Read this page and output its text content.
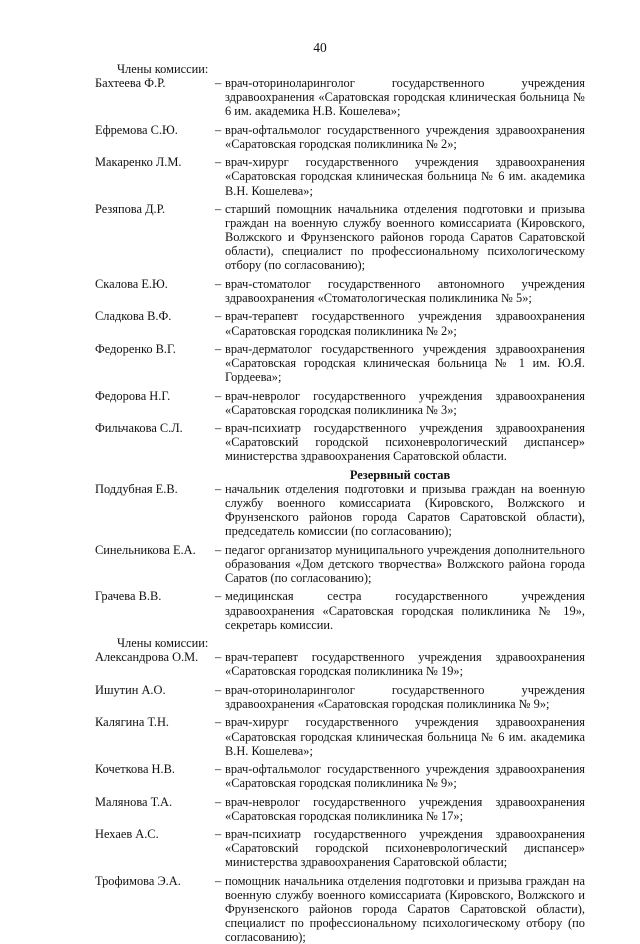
40
Члены комиссии:
Бахтеева Ф.Р.	– врач-оториноларинголог государственного учреждения здравоохранения «Саратовская городская клиническая больница № 6 им. академика Н.В. Кошелева»;
Ефремова С.Ю.	– врач-офтальмолог государственного учреждения здравоохранения «Саратовская городская поликлиника № 2»;
Макаренко Л.М.	– врач-хирург государственного учреждения здравоохранения «Саратовская городская клиническая больница № 6 им. академика В.Н. Кошелева»;
Резяпова Д.Р.	– старший помощник начальника отделения подготовки и призыва граждан на военную службу военного комиссариата (Кировского, Волжского и Фрунзенского районов города Саратов Саратовской области), специалист по профессиональному психологическому отбору (по согласованию);
Скалова Е.Ю.	– врач-стоматолог государственного автономного учреждения здравоохранения «Стоматологическая поликлиника № 5»;
Сладкова В.Ф.	– врач-терапевт государственного учреждения здравоохранения «Саратовская городская поликлиника № 2»;
Федоренко В.Г.	– врач-дерматолог государственного учреждения здравоохранения «Саратовская городская клиническая больница № 1 им. Ю.Я. Гордеева»;
Федорова Н.Г.	– врач-невролог государственного учреждения здравоохранения «Саратовская городская поликлиника № 3»;
Фильчакова С.Л.	– врач-психиатр государственного учреждения здравоохранения «Саратовский городской психоневрологический диспансер» министерства здравоохранения Саратовской области.
Резервный состав
Поддубная Е.В.	– начальник отделения подготовки и призыва граждан на военную службу военного комиссариата (Кировского, Волжского и Фрунзенского районов города Саратов Саратовской области), председатель комиссии (по согласованию);
Синельникова Е.А.	– педагог организатор муниципального учреждения дополнительного образования «Дом детского творчества» Волжского района города Саратов (по согласованию);
Грачева В.В.	– медицинская сестра государственного учреждения здравоохранения «Саратовская городская поликлиника № 19», секретарь комиссии.
Члены комиссии:
Александрова О.М.	– врач-терапевт государственного учреждения здравоохранения «Саратовская городская поликлиника № 19»;
Ишутин А.О.	– врач-оториноларинголог государственного учреждения здравоохранения «Саратовская городская поликлиника № 9»;
Калягина Т.Н.	– врач-хирург государственного учреждения здравоохранения «Саратовская городская клиническая больница № 6 им. академика В.Н. Кошелева»;
Кочеткова Н.В.	– врач-офтальмолог государственного учреждения здравоохранения «Саратовская городская поликлиника № 9»;
Малянова Т.А.	– врач-невролог государственного учреждения здравоохранения «Саратовская городская поликлиника № 17»;
Нехаев А.С.	– врач-психиатр государственного учреждения здравоохранения «Саратовский городской психоневрологический диспансер» министерства здравоохранения Саратовской области;
Трофимова Э.А.	– помощник начальника отделения подготовки и призыва граждан на военную службу военного комиссариата (Кировского, Волжского и Фрунзенского районов города Саратов Саратовской области), специалист по профессиональному психологическому отбору (по согласованию);
